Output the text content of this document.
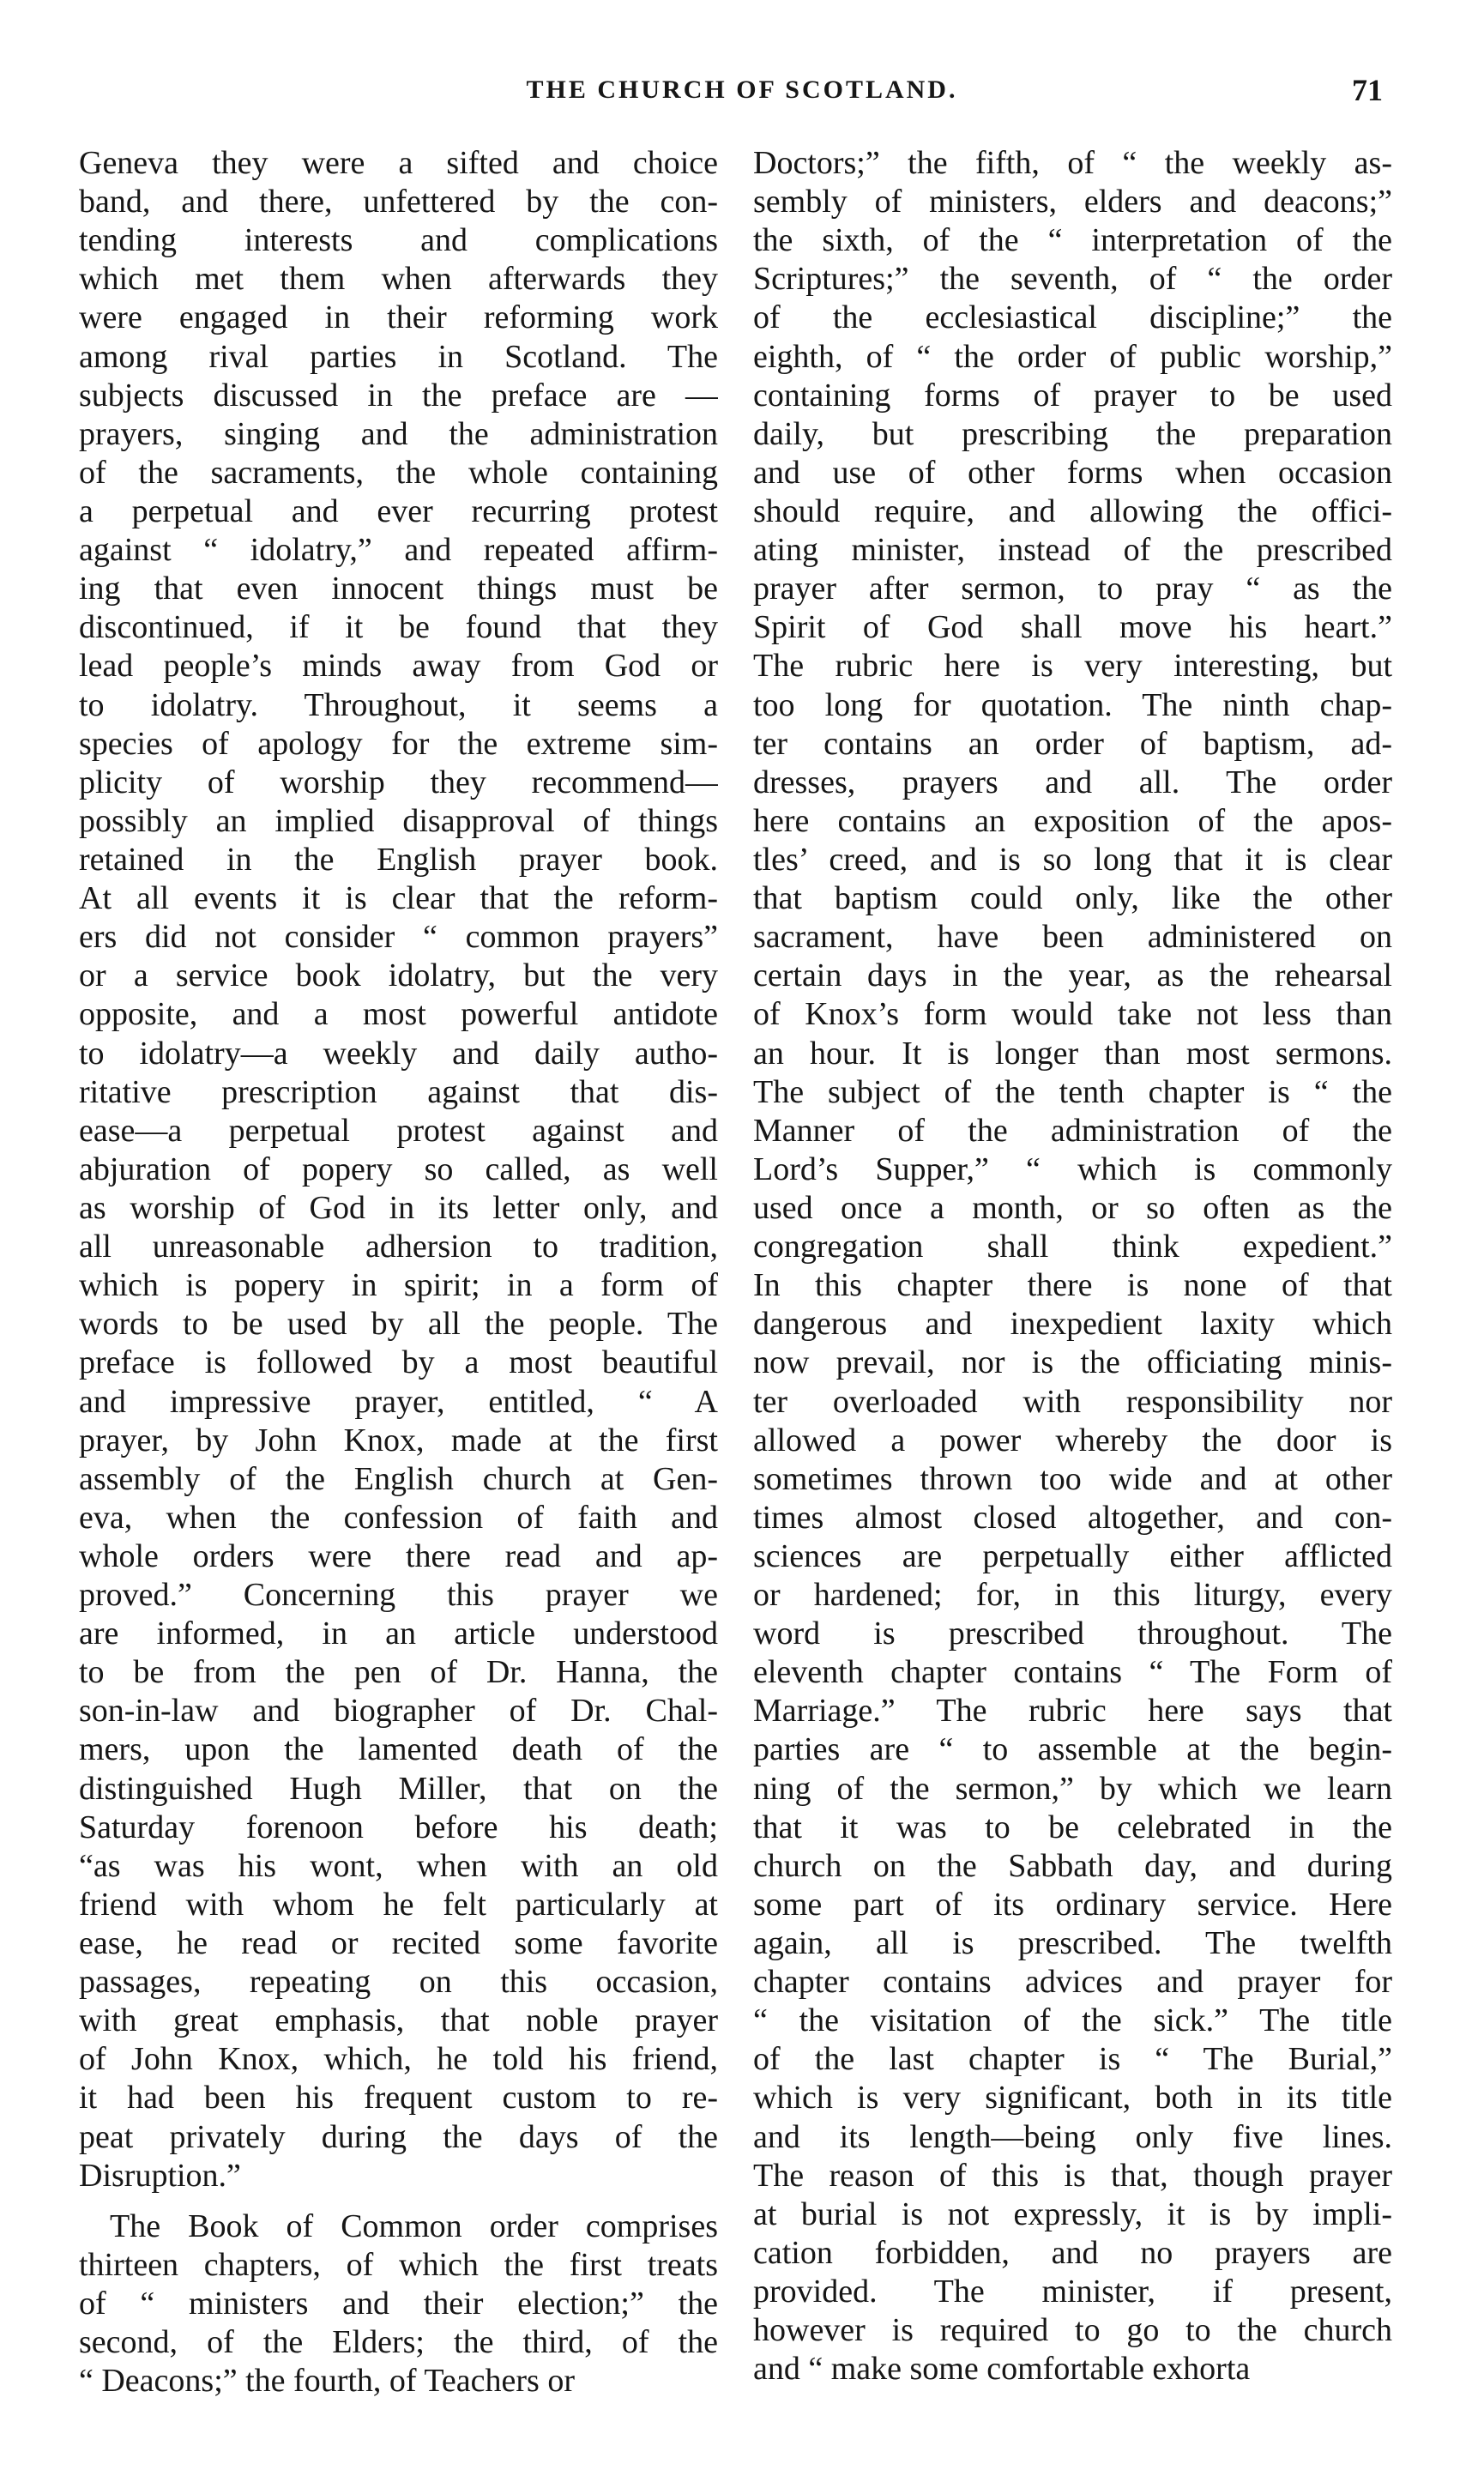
THE CHURCH OF SCOTLAND.	71
Geneva they were a sifted and choice
band, and there, unfettered by the con-
tending interests and complications
which met them when afterwards they
were engaged in their reforming work
among rival parties in Scotland. The
subjects discussed in the preface are —
prayers, singing and the administration
of the sacraments, the whole containing
a perpetual and ever recurring protest
against “ idolatry,” and repeated affirm-
ing that even innocent things must be
discontinued, if it be found that they
lead people’s minds away from God or
to idolatry. Throughout, it seems a
species of apology for the extreme sim-
plicity of worship they recommend—
possibly an implied disapproval of things
retained in the English prayer book.
At all events it is clear that the reform-
ers did not consider “ common prayers”
or a service book idolatry, but the very
opposite, and a most powerful antidote
to idolatry—a weekly and daily autho-
ritative prescription against that dis-
ease—a perpetual protest against and
abjuration of popery so called, as well
as worship of God in its letter only, and
all unreasonable adhersion to tradition,
which is popery in spirit; in a form of
words to be used by all the people. The
preface is followed by a most beautiful
and impressive prayer, entitled, “ A
prayer, by John Knox, made at the first
assembly of the English church at Gen-
eva, when the confession of faith and
whole orders were there read and ap-
proved.” Concerning this prayer we
are informed, in an article understood
to be from the pen of Dr. Hanna, the
son-in-law and biographer of Dr. Chal-
mers, upon the lamented death of the
distinguished Hugh Miller, that on the
Saturday forenoon before his death;
“as was his wont, when with an old
friend with whom he felt particularly at
ease, he read or recited some favorite
passages, repeating on this occasion,
with great emphasis, that noble prayer
of John Knox, which, he told his friend,
it had been his frequent custom to re-
peat privately during the days of the
Disruption.”
The Book of Common order comprises
thirteen chapters, of which the first treats
of “ ministers and their election;” the
second, of the Elders; the third, of the
“ Deacons;” the fourth, of Teachers or
Doctors;” the fifth, of “ the weekly as-
sembly of ministers, elders and deacons;”
the sixth, of the “ interpretation of the
Scriptures;” the seventh, of “ the order
of the ecclesiastical discipline;” the
eighth, of “ the order of public worship,”
containing forms of prayer to be used
daily, but prescribing the preparation
and use of other forms when occasion
should require, and allowing the offici-
ating minister, instead of the prescribed
prayer after sermon, to pray “ as the
Spirit of God shall move his heart.”
The rubric here is very interesting, but
too long for quotation. The ninth chap-
ter contains an order of baptism, ad-
dresses, prayers and all. The order
here contains an exposition of the apos-
tles’ creed, and is so long that it is clear
that baptism could only, like the other
sacrament, have been administered on
certain days in the year, as the rehearsal
of Knox’s form would take not less than
an hour. It is longer than most sermons.
The subject of the tenth chapter is “ the
Manner of the administration of the
Lord’s Supper,” “ which is commonly
used once a month, or so often as the
congregation shall think expedient.”
In this chapter there is none of that
dangerous and inexpedient laxity which
now prevail, nor is the officiating minis-
ter overloaded with responsibility nor
allowed a power whereby the door is
sometimes thrown too wide and at other
times almost closed altogether, and con-
sciences are perpetually either afflicted
or hardened; for, in this liturgy, every
word is prescribed throughout. The
eleventh chapter contains “ The Form of
Marriage.” The rubric here says that
parties are “ to assemble at the begin-
ning of the sermon,” by which we learn
that it was to be celebrated in the
church on the Sabbath day, and during
some part of its ordinary service. Here
again, all is prescribed. The twelfth
chapter contains advices and prayer for
“ the visitation of the sick.” The title
of the last chapter is “ The Burial,”
which is very significant, both in its title
and its length—being only five lines.
The reason of this is that, though prayer
at burial is not expressly, it is by impli-
cation forbidden, and no prayers are
provided. The minister, if present,
however is required to go to the church
and “ make some comfortable exhorta
